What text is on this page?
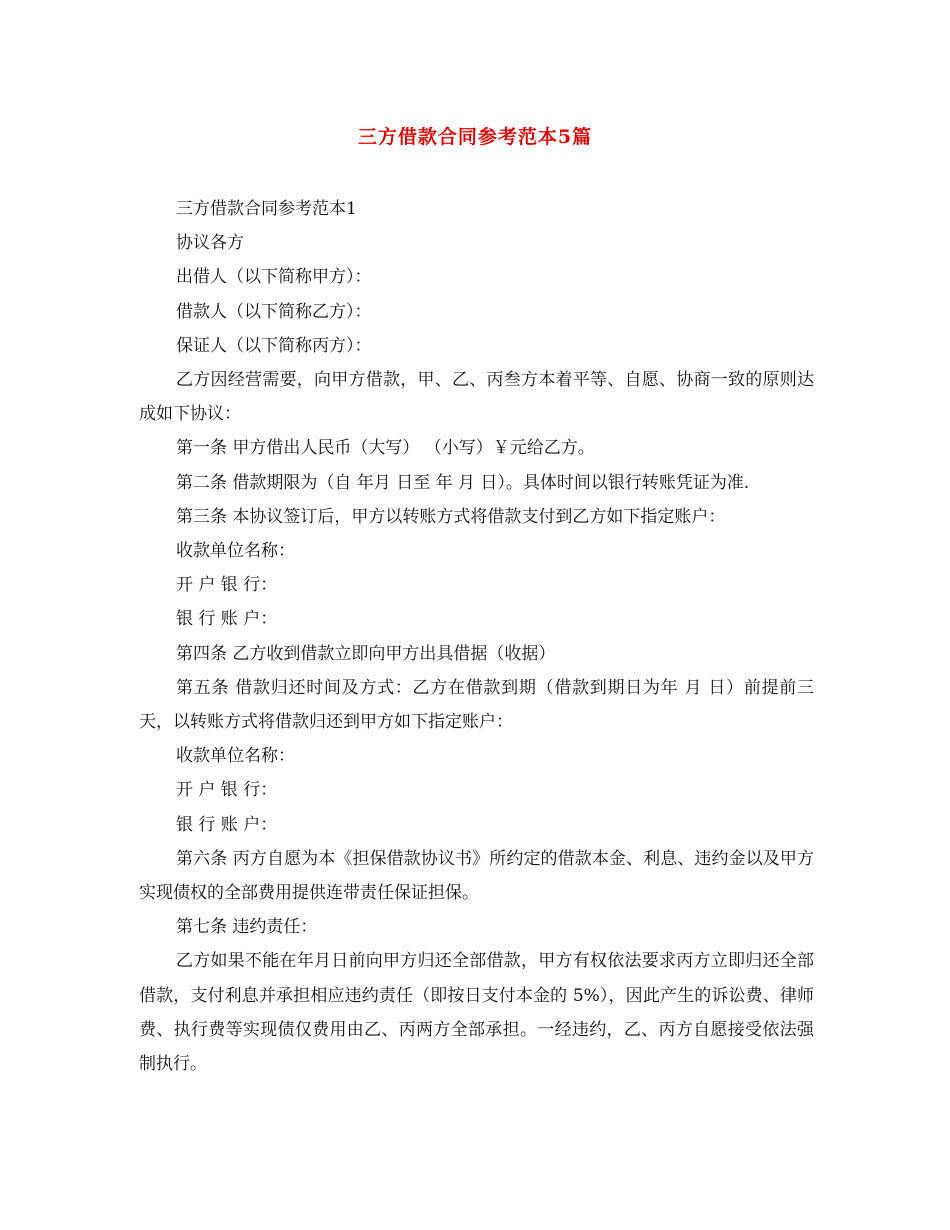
三方借款合同参考范本5篇

三方借款合同参考范本1

协议各方

出借人（以下简称甲方）：

借款人（以下简称乙方）：

保证人（以下简称丙方）：

乙方因经营需要，向甲方借款，甲、乙、丙叁方本着平等、自愿、协商一致的原则达成如下协议：

第一条 甲方借出人民币（大写） （小写）￥元给乙方。

第二条 借款期限为（自 年月 日至 年 月 日）。具体时间以银行转账凭证为准.

第三条 本协议签订后，甲方以转账方式将借款支付到乙方如下指定账户：

收款单位名称：

开 户 银 行：

银 行 账 户：

第四条 乙方收到借款立即向甲方出具借据（收据）

第五条 借款归还时间及方式：乙方在借款到期（借款到期日为年 月 日）前提前三天，以转账方式将借款归还到甲方如下指定账户：

收款单位名称：

开 户 银 行：

银 行 账 户：

第六条 丙方自愿为本《担保借款协议书》所约定的借款本金、利息、违约金以及甲方实现债权的全部费用提供连带责任保证担保。

第七条 违约责任：

乙方如果不能在年月日前向甲方归还全部借款，甲方有权依法要求丙方立即归还全部借款，支付利息并承担相应违约责任（即按日支付本金的 5%），因此产生的诉讼费、律师费、执行费等实现债仅费用由乙、丙两方全部承担。一经违约，乙、丙方自愿接受依法强制执行。
